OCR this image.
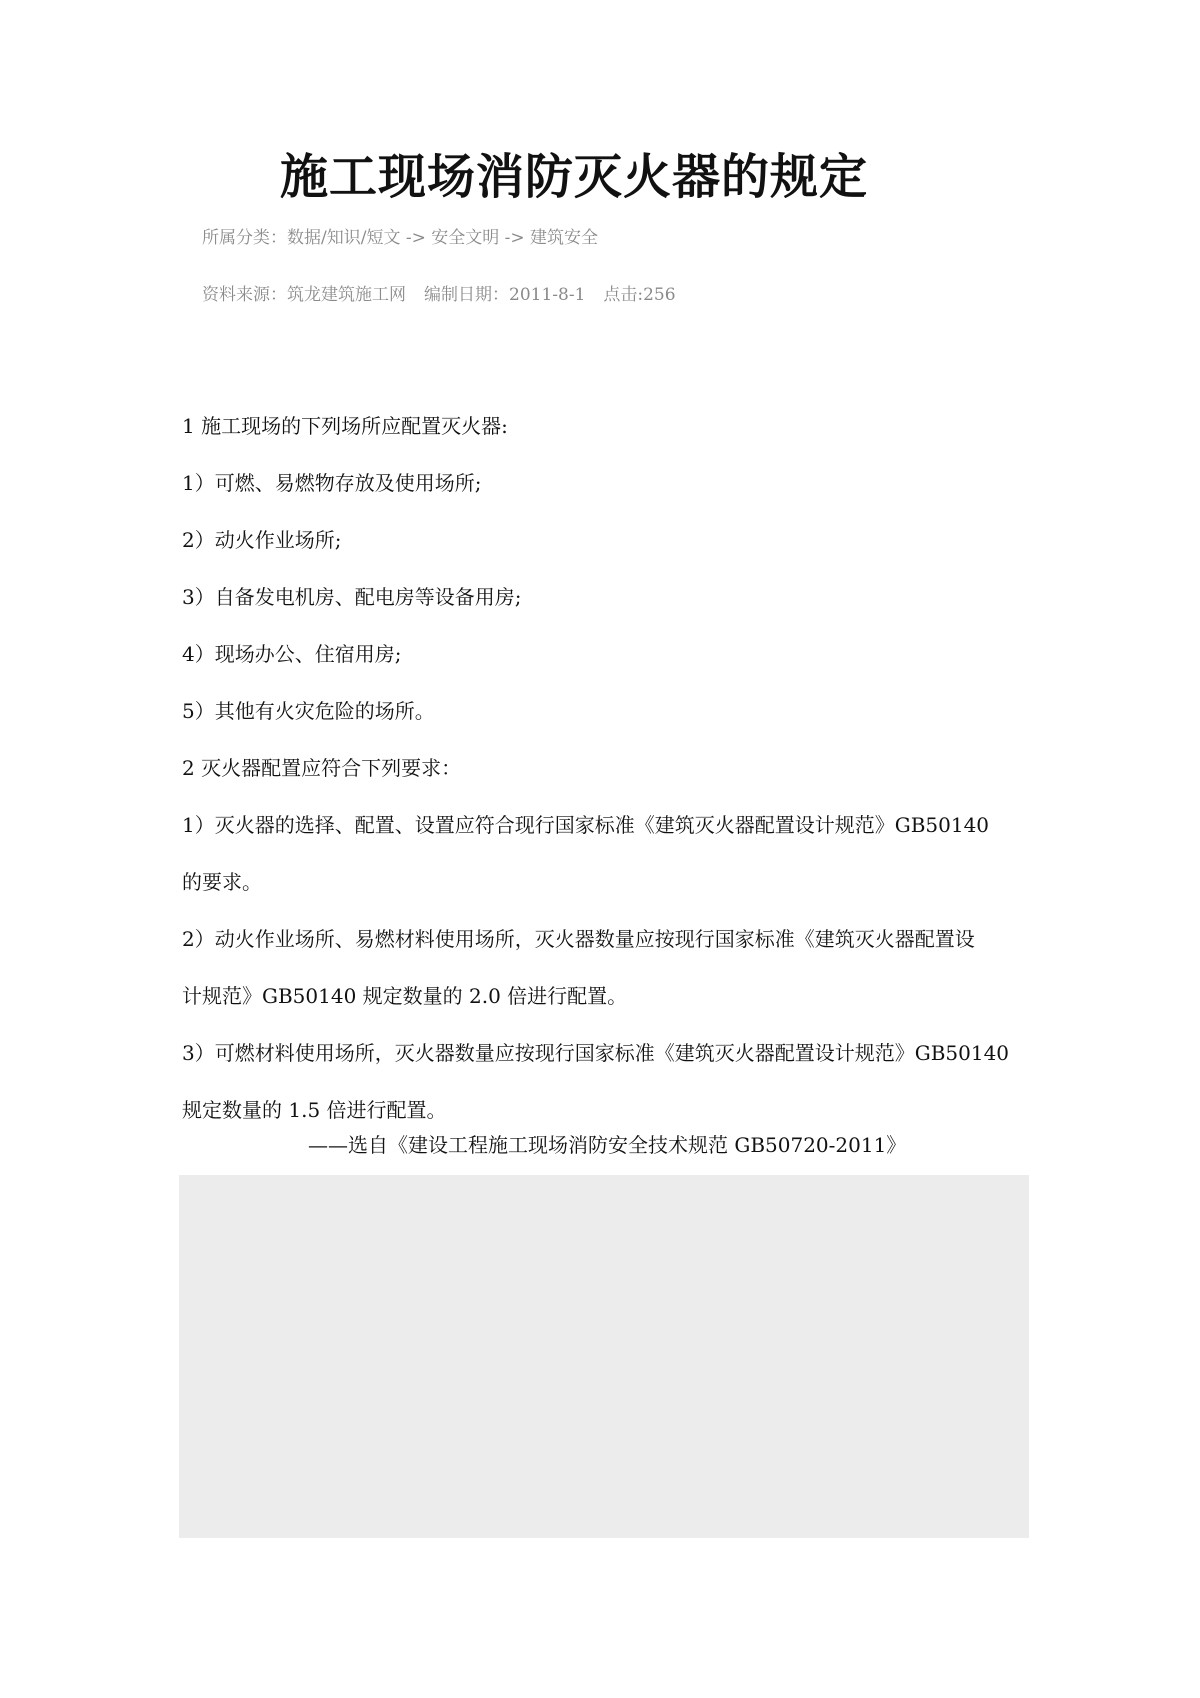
施工现场消防灭火器的规定
所属分类：数据/知识/短文 -> 安全文明 -> 建筑安全
资料来源：筑龙建筑施工网 编制日期：2011-8-1 点击:256
1 施工现场的下列场所应配置灭火器:
1）可燃、易燃物存放及使用场所;
2）动火作业场所;
3）自备发电机房、配电房等设备用房;
4）现场办公、住宿用房;
5）其他有火灾危险的场所。
2 灭火器配置应符合下列要求：
1）灭火器的选择、配置、设置应符合现行国家标准《建筑灭火器配置设计规范》GB50140
的要求。
2）动火作业场所、易燃材料使用场所，灭火器数量应按现行国家标准《建筑灭火器配置设
计规范》GB50140 规定数量的 2.0 倍进行配置。
3）可燃材料使用场所，灭火器数量应按现行国家标准《建筑灭火器配置设计规范》GB50140
规定数量的 1.5 倍进行配置。
——选自《建设工程施工现场消防安全技术规范 GB50720-2011》
